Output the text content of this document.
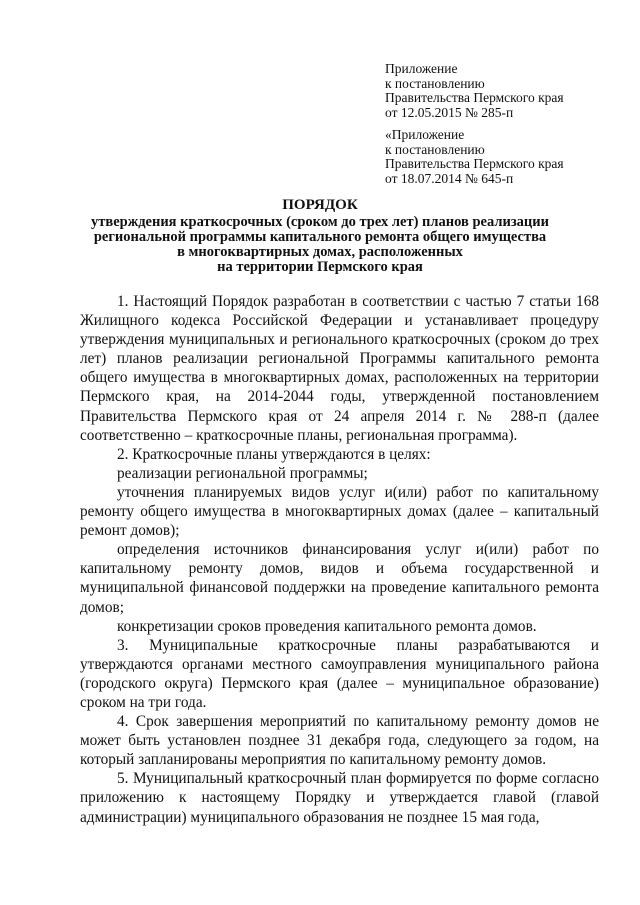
Приложение
к постановлению
Правительства Пермского края
от 12.05.2015 № 285-п
«Приложение
к постановлению
Правительства Пермского края
от 18.07.2014 № 645-п
ПОРЯДОК
утверждения краткосрочных (сроком до трех лет) планов реализации
региональной программы капитального ремонта общего имущества
в многоквартирных домах, расположенных
на территории Пермского края

1. Настоящий Порядок разработан в соответствии с частью 7 статьи 168 Жилищного кодекса Российской Федерации и устанавливает процедуру утверждения муниципальных и регионального краткосрочных (сроком до трех лет) планов реализации региональной Программы капитального ремонта общего имущества в многоквартирных домах, расположенных на территории Пермского края, на 2014-2044 годы, утвержденной постановлением Правительства Пермского края от 24 апреля 2014 г. № 288-п (далее соответственно – краткосрочные планы, региональная программа).

2. Краткосрочные планы утверждаются в целях:

реализации региональной программы;

уточнения планируемых видов услуг и(или) работ по капитальному ремонту общего имущества в многоквартирных домах (далее – капитальный ремонт домов);

определения источников финансирования услуг и(или) работ по капитальному ремонту домов, видов и объема государственной и муниципальной финансовой поддержки на проведение капитального ремонта домов;

конкретизации сроков проведения капитального ремонта домов.

3. Муниципальные краткосрочные планы разрабатываются и утверждаются органами местного самоуправления муниципального района (городского округа) Пермского края (далее – муниципальное образование) сроком на три года.

4. Срок завершения мероприятий по капитальному ремонту домов не может быть установлен позднее 31 декабря года, следующего за годом, на который запланированы мероприятия по капитальному ремонту домов.

5. Муниципальный краткосрочный план формируется по форме согласно приложению к настоящему Порядку и утверждается главой (главой администрации) муниципального образования не позднее 15 мая года,
